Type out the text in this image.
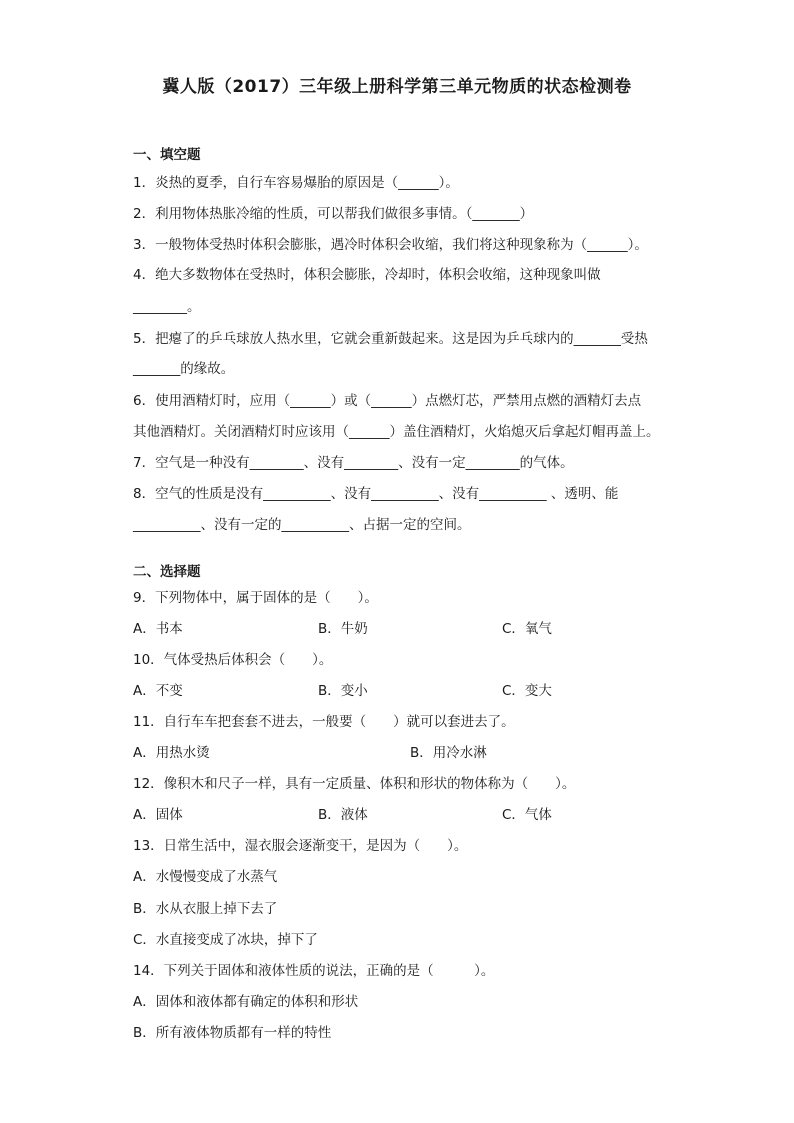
冀人版（2017）三年级上册科学第三单元物质的状态检测卷
一、填空题
1．炎热的夏季，自行车容易爆胎的原因是（______）。
2．利用物体热胀冷缩的性质，可以帮我们做很多事情。（_______）
3．一般物体受热时体积会膨胀，遇冷时体积会收缩，我们将这种现象称为（______）。
4．绝大多数物体在受热时，体积会膨胀，冷却时，体积会收缩，这种现象叫做
________。
5．把瘪了的乒乓球放人热水里，它就会重新鼓起来。这是因为乒乓球内的_______受热
_______的缘故。
6．使用酒精灯时，应用（______）或（______）点燃灯芯，严禁用点燃的酒精灯去点
其他酒精灯。关闭酒精灯时应该用（______）盖住酒精灯，火焰熄灭后拿起灯帽再盖上。
7．空气是一种没有________、没有________、没有一定________的气体。
8．空气的性质是没有__________、没有__________、没有__________ 、透明、能
__________、没有一定的__________、占据一定的空间。
二、选择题
9．下列物体中，属于固体的是（　　）。
A．书本	B．牛奶	C．氧气
10．气体受热后体积会（　　）。
A．不变	B．变小	C．变大
11．自行车车把套套不进去，一般要（　　）就可以套进去了。
A．用热水烫	B．用冷水淋
12．像积木和尺子一样，具有一定质量、体积和形状的物体称为（　　）。
A．固体	B．液体	C．气体
13．日常生活中，湿衣服会逐渐变干，是因为（　　）。
A．水慢慢变成了水蒸气
B．水从衣服上掉下去了
C．水直接变成了冰块，掉下了
14．下列关于固体和液体性质的说法，正确的是（　　　）。
A．固体和液体都有确定的体积和形状
B．所有液体物质都有一样的特性
